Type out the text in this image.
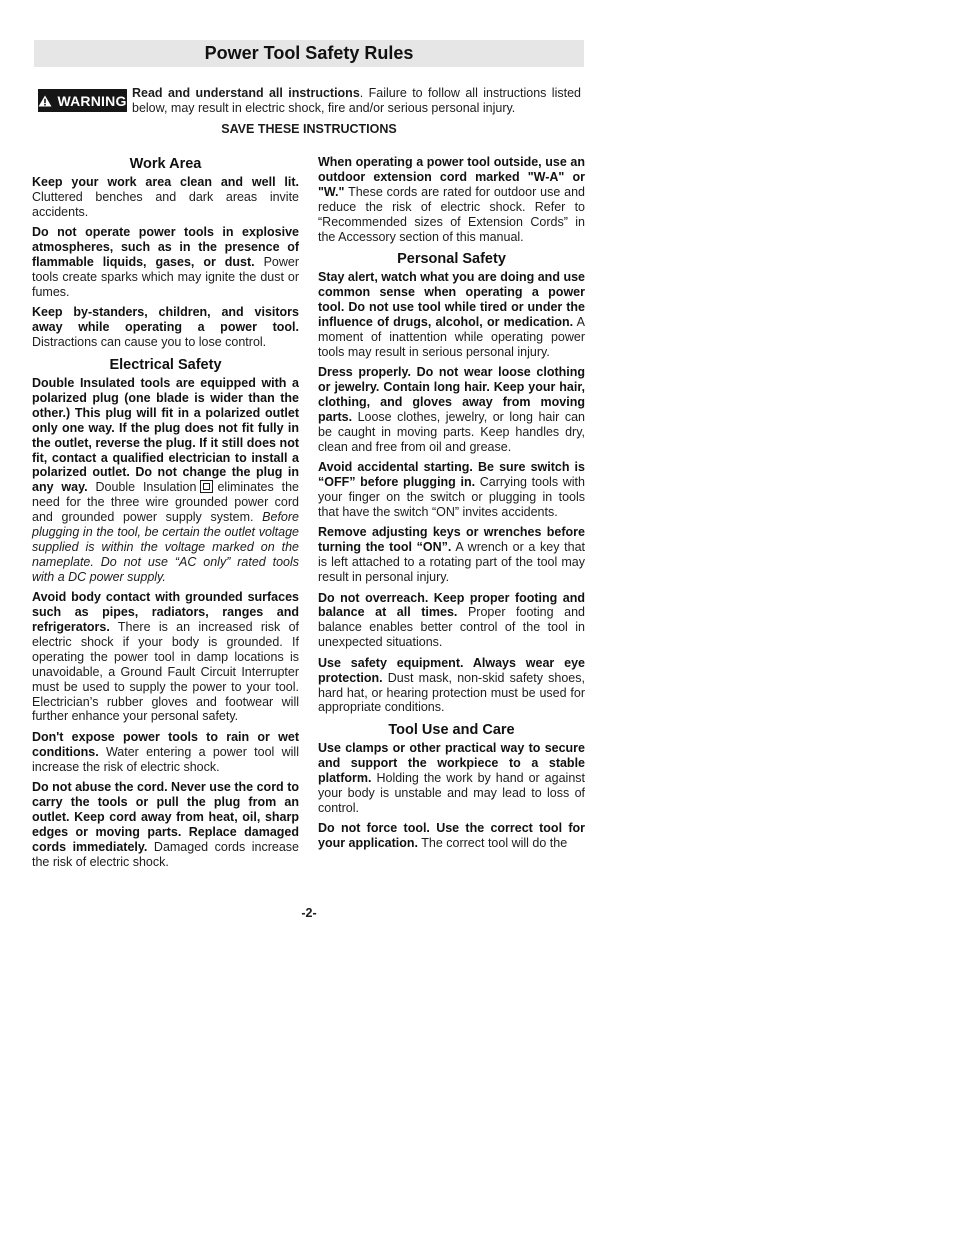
Power Tool Safety Rules
WARNING Read and understand all instructions. Failure to follow all instructions listed below, may result in electric shock, fire and/or serious personal injury.
SAVE THESE INSTRUCTIONS
Work Area

Keep your work area clean and well lit. Cluttered benches and dark areas invite accidents.

Do not operate power tools in explosive atmospheres, such as in the presence of flammable liquids, gases, or dust. Power tools create sparks which may ignite the dust or fumes.

Keep by-standers, children, and visitors away while operating a power tool. Distractions can cause you to lose control.

Electrical Safety

Double Insulated tools are equipped with a polarized plug (one blade is wider than the other.) This plug will fit in a polarized outlet only one way. If the plug does not fit fully in the outlet, reverse the plug. If it still does not fit, contact a qualified electrician to install a polarized outlet. Do not change the plug in any way. Double Insulation eliminates the need for the three wire grounded power cord and grounded power supply system. Before plugging in the tool, be certain the outlet voltage supplied is within the voltage marked on the nameplate. Do not use “AC only” rated tools with a DC power supply.

Avoid body contact with grounded surfaces such as pipes, radiators, ranges and refrigerators. There is an increased risk of electric shock if your body is grounded. If operating the power tool in damp locations is unavoidable, a Ground Fault Circuit Interrupter must be used to supply the power to your tool. Electrician’s rubber gloves and footwear will further enhance your personal safety.

Don't expose power tools to rain or wet conditions. Water entering a power tool will increase the risk of electric shock.

Do not abuse the cord. Never use the cord to carry the tools or pull the plug from an outlet. Keep cord away from heat, oil, sharp edges or moving parts. Replace damaged cords immediately. Damaged cords increase the risk of electric shock.

When operating a power tool outside, use an outdoor extension cord marked "W-A" or "W." These cords are rated for outdoor use and reduce the risk of electric shock. Refer to “Recommended sizes of Extension Cords” in the Accessory section of this manual.

Personal Safety

Stay alert, watch what you are doing and use common sense when operating a power tool. Do not use tool while tired or under the influence of drugs, alcohol, or medication. A moment of inattention while operating power tools may result in serious personal injury.

Dress properly. Do not wear loose clothing or jewelry. Contain long hair. Keep your hair, clothing, and gloves away from moving parts. Loose clothes, jewelry, or long hair can be caught in moving parts. Keep handles dry, clean and free from oil and grease.

Avoid accidental starting. Be sure switch is “OFF” before plugging in. Carrying tools with your finger on the switch or plugging in tools that have the switch “ON” invites accidents.

Remove adjusting keys or wrenches before turning the tool “ON”. A wrench or a key that is left attached to a rotating part of the tool may result in personal injury.

Do not overreach. Keep proper footing and balance at all times. Proper footing and balance enables better control of the tool in unexpected situations.

Use safety equipment. Always wear eye protection. Dust mask, non-skid safety shoes, hard hat, or hearing protection must be used for appropriate conditions.

Tool Use and Care

Use clamps or other practical way to secure and support the workpiece to a stable platform. Holding the work by hand or against your body is unstable and may lead to loss of control.

Do not force tool. Use the correct tool for your application. The correct tool will do the

-2-
